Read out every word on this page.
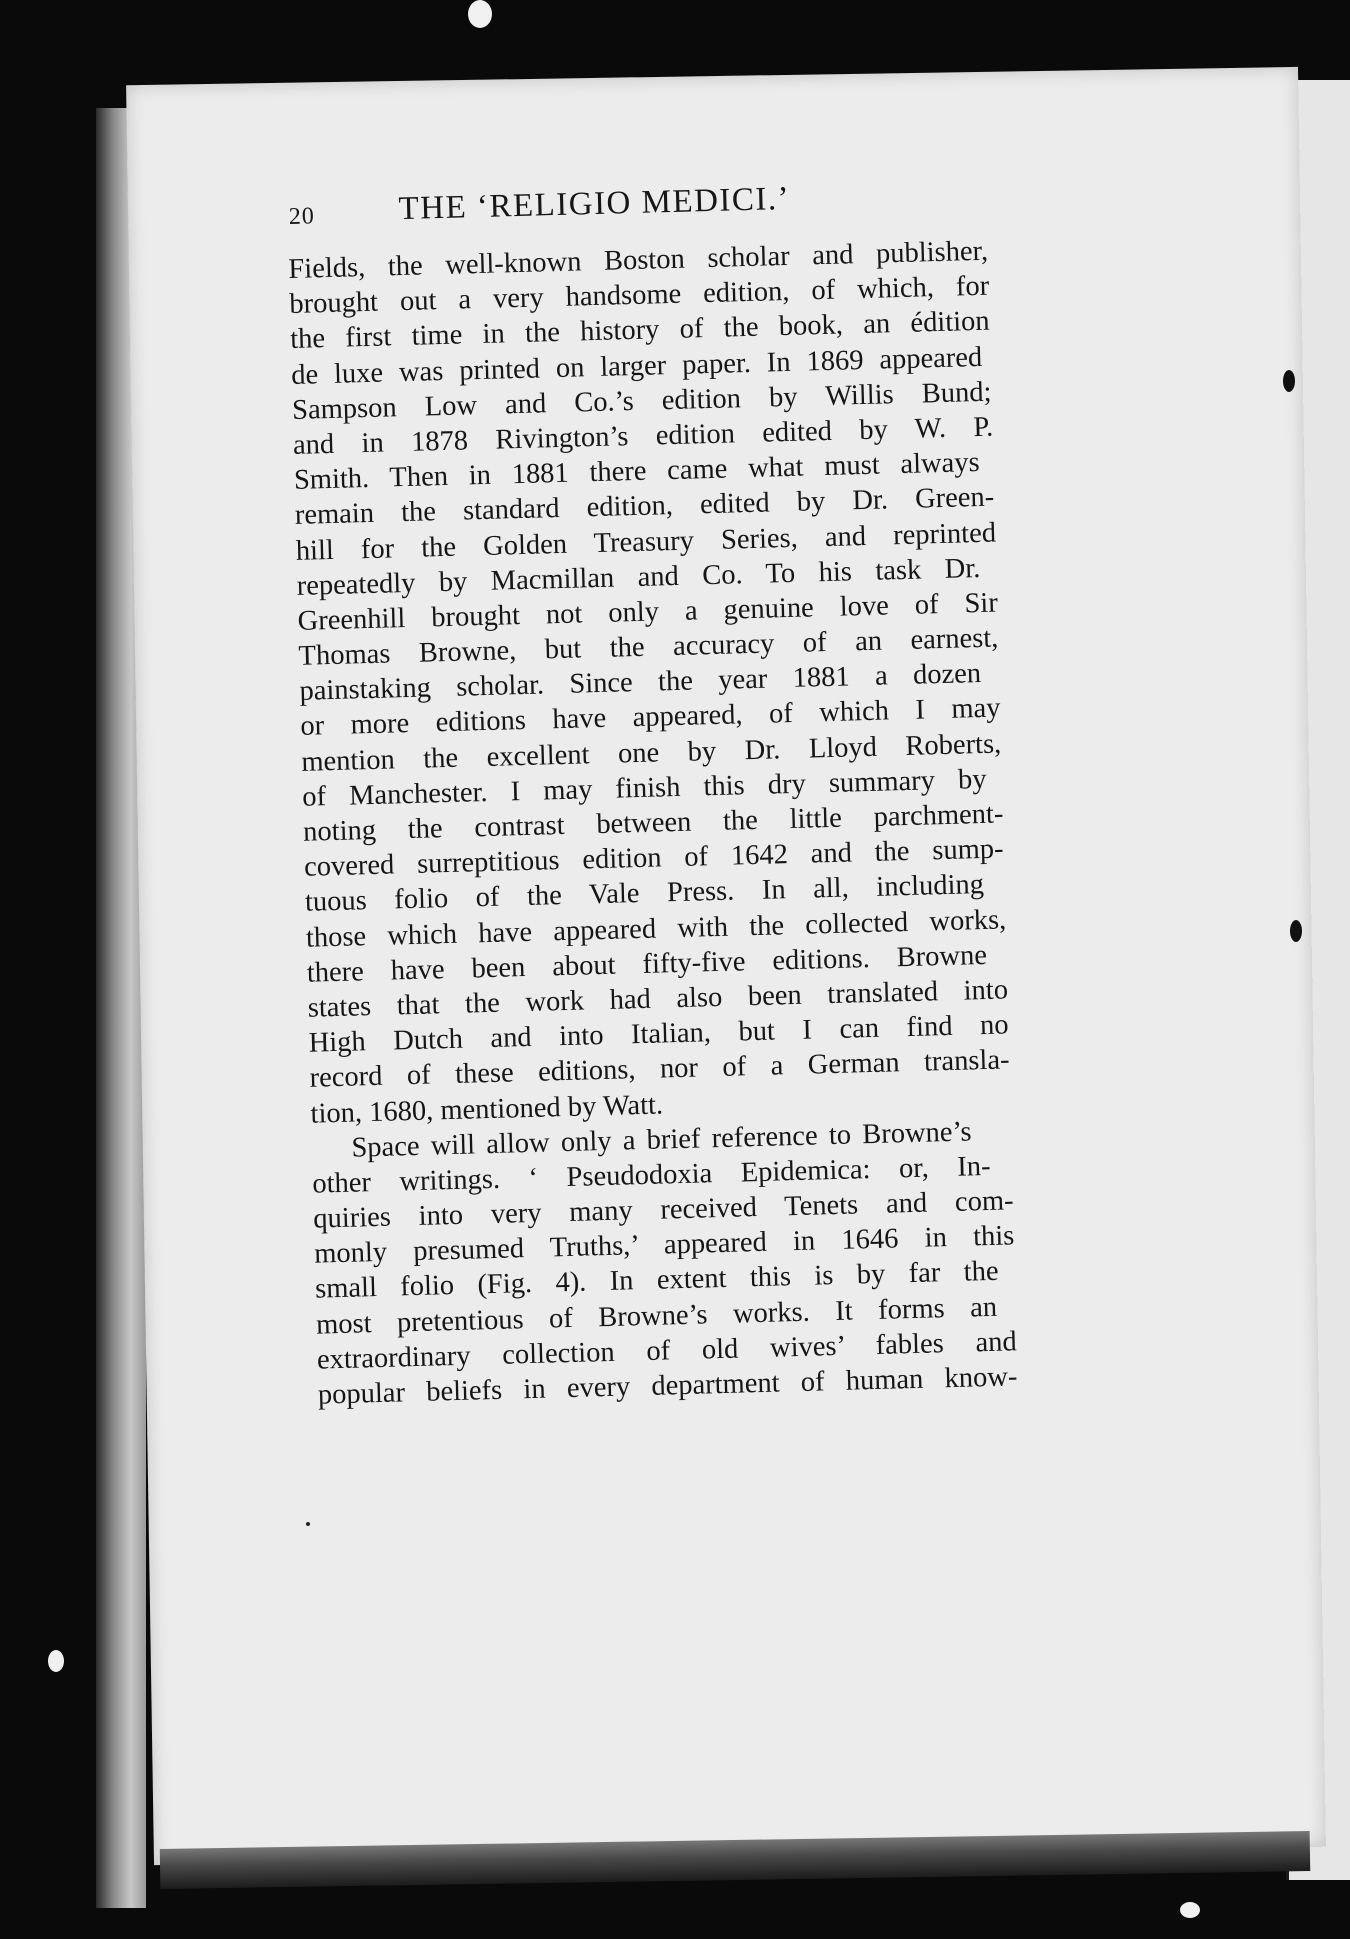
20	THE ‘RELIGIO MEDICI.’
Fields, the well-known Boston scholar and publisher,
brought out a very handsome edition, of which, for
the first time in the history of the book, an édition
de luxe was printed on larger paper. In 1869 appeared
Sampson Low and Co.’s edition by Willis Bund;
and in 1878 Rivington’s edition edited by W. P.
Smith. Then in 1881 there came what must always
remain the standard edition, edited by Dr. Green-
hill for the Golden Treasury Series, and reprinted
repeatedly by Macmillan and Co. To his task Dr.
Greenhill brought not only a genuine love of Sir
Thomas Browne, but the accuracy of an earnest,
painstaking scholar. Since the year 1881 a dozen
or more editions have appeared, of which I may
mention the excellent one by Dr. Lloyd Roberts,
of Manchester. I may finish this dry summary by
noting the contrast between the little parchment-
covered surreptitious edition of 1642 and the sump-
tuous folio of the Vale Press. In all, including
those which have appeared with the collected works,
there have been about fifty-five editions. Browne
states that the work had also been translated into
High Dutch and into Italian, but I can find no
record of these editions, nor of a German transla-
tion, 1680, mentioned by Watt.
Space will allow only a brief reference to Browne’s
other writings. ‘ Pseudodoxia Epidemica: or, In-
quiries into very many received Tenets and com-
monly presumed Truths,’ appeared in 1646 in this
small folio (Fig. 4). In extent this is by far the
most pretentious of Browne’s works. It forms an
extraordinary collection of old wives’ fables and
popular beliefs in every department of human know-
